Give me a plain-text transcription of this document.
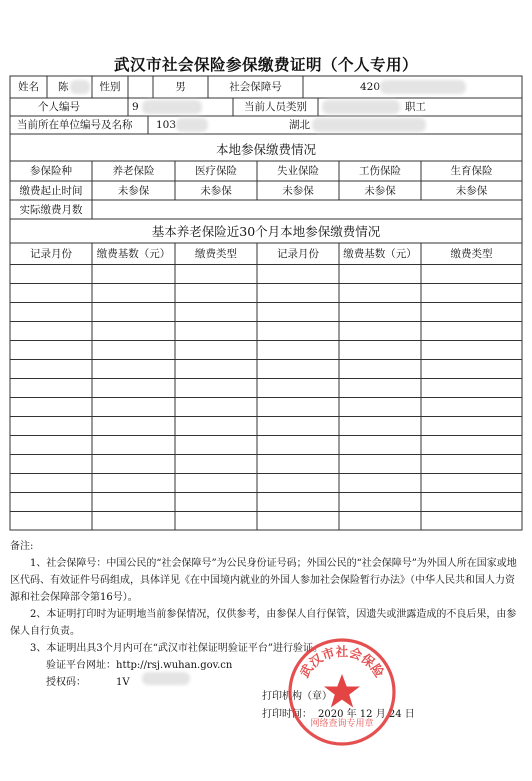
武汉市社会保险参保缴费证明（个人专用）
姓名	陈	性别	男	社会保障号	420
个人编号	9	当前人员类别	职工
当前所在单位编号及名称 103	湖北
本地参保缴费情况
参保险种	养老保险	医疗保险	失业保险	工伤保险	生育保险
缴费起止时间	未参保	未参保	未参保	未参保	未参保
实际缴费月数
基本养老保险近30个月本地参保缴费情况
记录月份	缴费基数（元）	缴费类型	记录月份	缴费基数（元）	缴费类型

备注:

1、社会保障号：中国公民的“社会保障号”为公民身份证号码；外国公民的“社会保障号”为外国人所在国家或地区代码、有效证件号码组成，具体详见《在中国境内就业的外国人参加社会保险暂行办法》（中华人民共和国人力资源和社会保障部令第16号）。

2、本证明打印时为证明地当前参保情况，仅供参考，由参保人自行保管，因遗失或泄露造成的不良后果，由参保人自行负责。

3、本证明出具3个月内可在“武汉市社保证明验证平台”进行验证。

验证平台网址：http://rsj.wuhan.gov.cn

授权码：	1V

打印机构（章）
打印时间： 2020 年 12 月 24 日
武汉市社会保险
网络查询专用章
